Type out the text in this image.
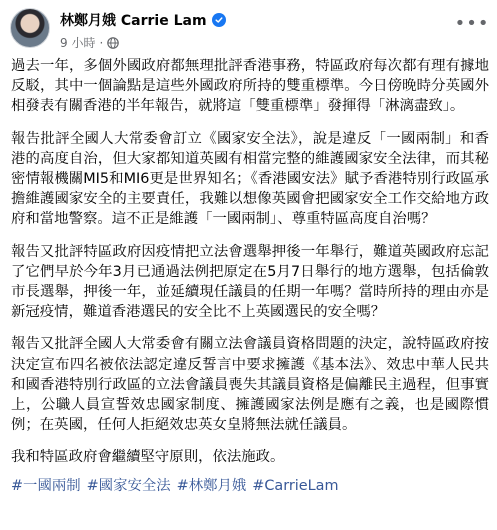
林鄭月娥 Carrie Lam
9 小時 ·
•••

過去一年，多個外國政府都無理批評香港事務，特區政府每次都有理有據地反駁，其中一個論點是這些外國政府所持的雙重標準。今日傍晚時分英國外相發表有關香港的半年報告，就將這「雙重標準」發揮得「淋漓盡致」。

報告批評全國人大常委會訂立《國家安全法》，說是違反「一國兩制」和香港的高度自治，但大家都知道英國有相當完整的維護國家安全法律，而其秘密情報機關MI5和MI6更是世界知名；《香港國安法》賦予香港特別行政區承擔維護國家安全的主要責任，我難以想像英國會把國家安全工作交給地方政府和當地警察。這不正是維護「一國兩制」、尊重特區高度自治嗎？

報告又批評特區政府因疫情把立法會選舉押後一年舉行，難道英國政府忘記了它們早於今年3月已通過法例把原定在5月7日舉行的地方選舉，包括倫敦市長選舉，押後一年，並延續現任議員的任期一年嗎？當時所持的理由亦是新冠疫情，難道香港選民的安全比不上英國選民的安全嗎？

報告又批評全國人大常委會有關立法會議員資格問題的決定，說特區政府按決定宣布四名被依法認定違反誓言中要求擁護《基本法》、效忠中華人民共和國香港特別行政區的立法會議員喪失其議員資格是偏離民主過程，但事實上，公職人員宣誓效忠國家制度、擁護國家法例是應有之義，也是國際慣例；在英國，任何人拒絕效忠英女皇將無法就任議員。

我和特區政府會繼續堅守原則，依法施政。

#一國兩制 #國家安全法 #林鄭月娥 #CarrieLam
